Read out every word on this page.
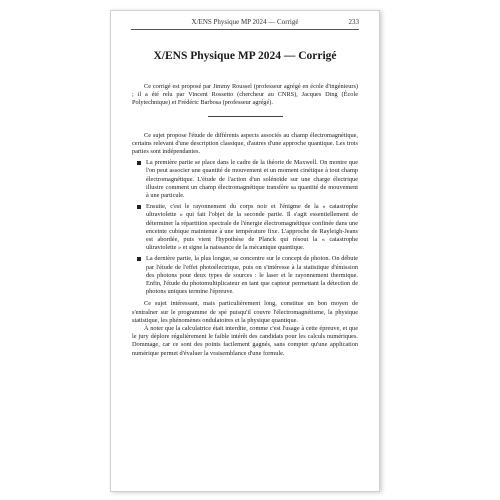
X/ENS Physique MP 2024 — Corrigé	233
X/ENS Physique MP 2024 — Corrigé

Ce corrigé est proposé par Jimmy Roussel (professeur agrégé en école d'ingénieurs) ; il a été relu par Vincent Rossetto (chercheur au CNRS), Jacques Ding (École Polytechnique) et Frédéric Barbosa (professeur agrégé).

Ce sujet propose l'étude de différents aspects associés au champ électromagnétique, certains relevant d'une description classique, d'autres d'une approche quantique. Les trois parties sont indépendantes.

La première partie se place dans le cadre de la théorie de Maxwell. On montre que l'on peut associer une quantité de mouvement et un moment cinétique à tout champ électromagnétique. L'étude de l'action d'un solénoïde sur une charge électrique illustre comment un champ électromagnétique transfère sa quantité de mouvement à une particule.
Ensuite, c'est le rayonnement du corps noir et l'énigme de la « catastrophe ultraviolette » qui fait l'objet de la seconde partie. Il s'agit essentiellement de déterminer la répartition spectrale de l'énergie électromagnétique confinée dans une enceinte cubique maintenue à une température fixe. L'approche de Rayleigh-Jeans est abordée, puis vient l'hypothèse de Planck qui résout la « catastrophe ultraviolette » et signe la naissance de la mécanique quantique.
La dernière partie, la plus longue, se concentre sur le concept de photon. On débute par l'étude de l'effet photoélectrique, puis on s'intéresse à la statistique d'émission des photons pour deux types de sources : le laser et le rayonnement thermique. Enfin, l'étude du photomultiplicateur en tant que capteur permettant la détection de photons uniques termine l'épreuve.

Ce sujet intéressant, mais particulièrement long, constitue un bon moyen de s'entraîner sur le programme de spé puisqu'il couvre l'électromagnétisme, la physique statistique, les phénomènes ondulatoires et la physique quantique.

À noter que la calculatrice était interdite, comme c'est l'usage à cette épreuve, et que le jury déplore régulièrement le faible intérêt des candidats pour les calculs numériques. Dommage, car ce sont des points facilement gagnés, sans compter qu'une application numérique permet d'évaluer la vraisemblance d'une formule.
